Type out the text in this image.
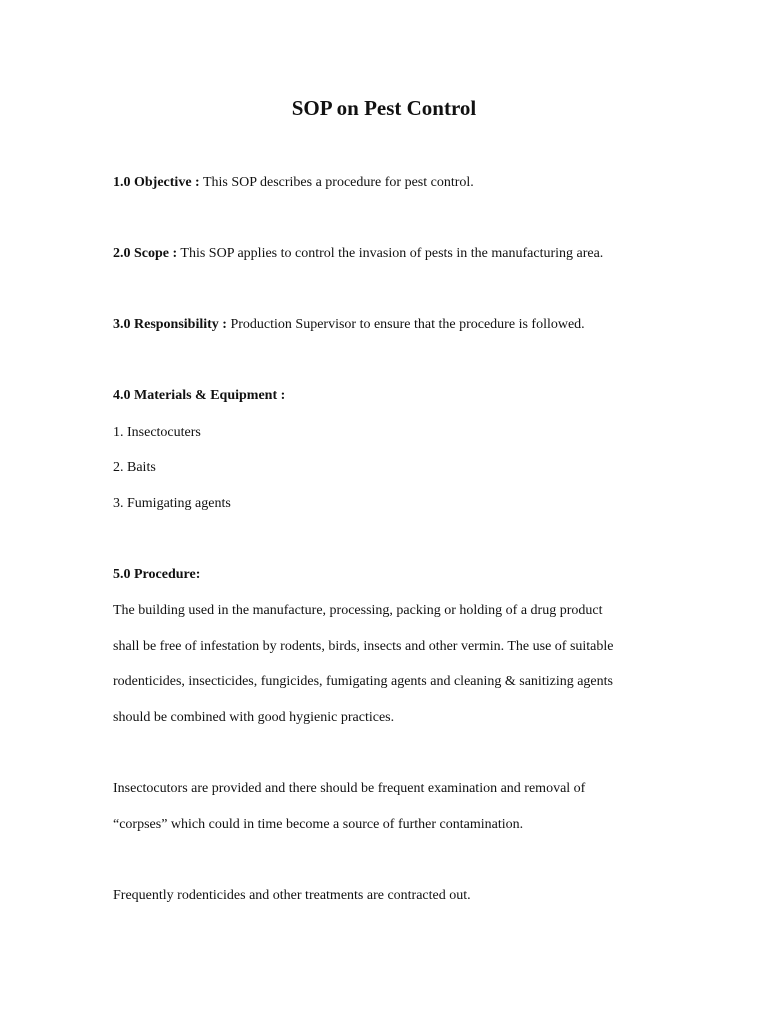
SOP on Pest Control
1.0 Objective : This SOP describes a procedure for pest control.
2.0 Scope : This SOP applies to control the invasion of pests in the manufacturing area.
3.0 Responsibility : Production Supervisor to ensure that the procedure is followed.
4.0 Materials & Equipment :
1. Insectocuters
2. Baits
3. Fumigating agents
5.0 Procedure:
The building used in the manufacture, processing, packing or holding of a drug product
shall be free of infestation by rodents, birds, insects and other vermin. The use of suitable
rodenticides, insecticides, fungicides, fumigating agents and cleaning & sanitizing agents
should be combined with good hygienic practices.
Insectocutors are provided and there should be frequent examination and removal of
“corpses” which could in time become a source of further contamination.
Frequently rodenticides and other treatments are contracted out.
